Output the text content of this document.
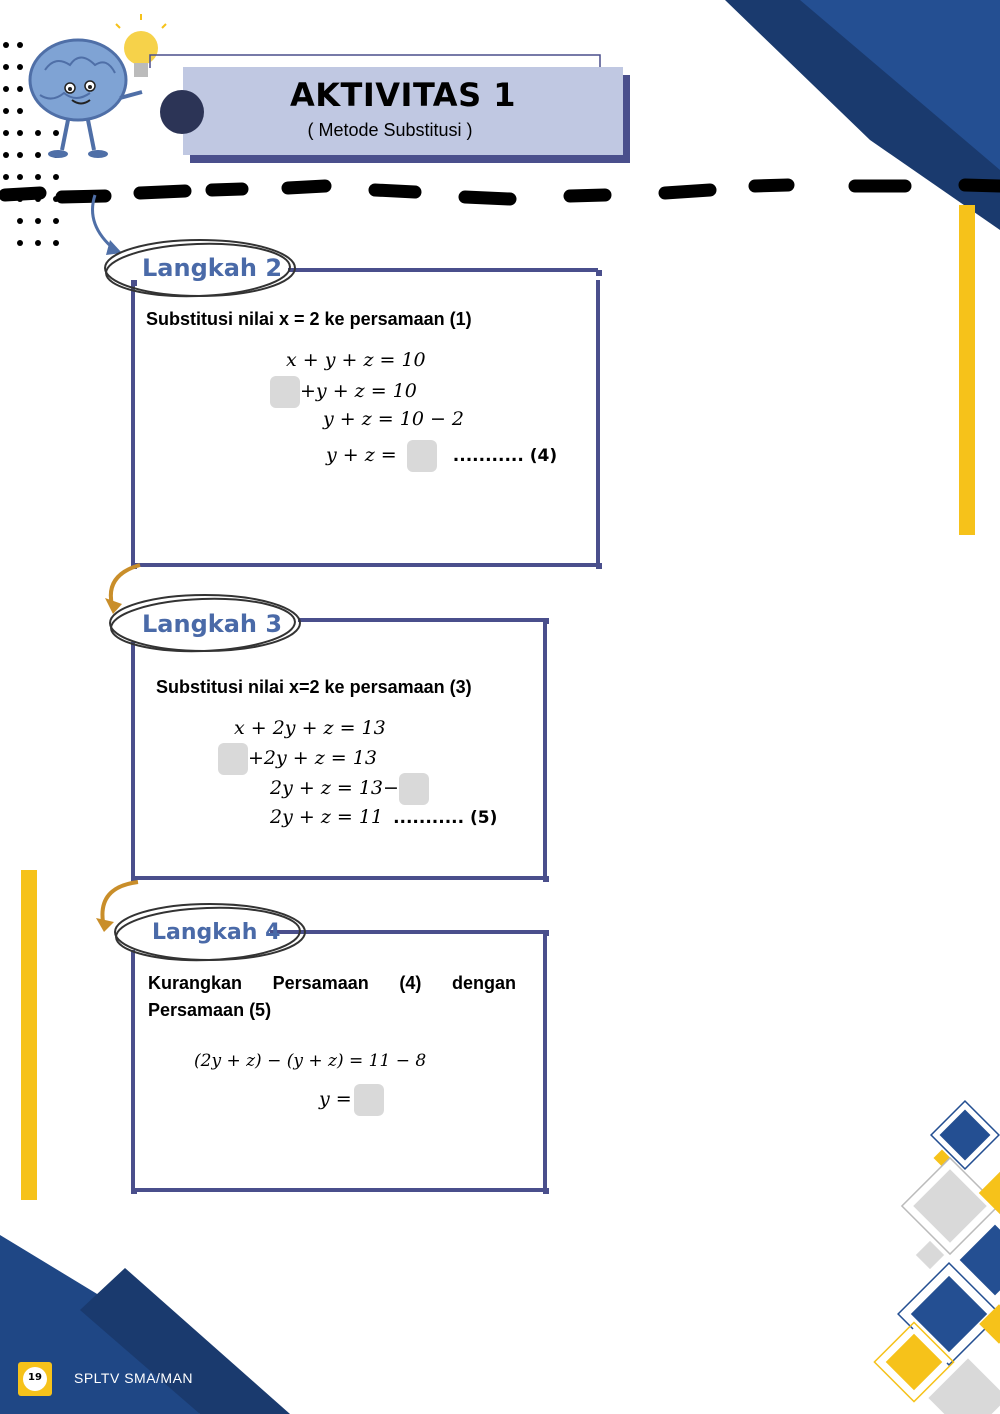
AKTIVITAS 1
( Metode Substitusi )
Langkah 2
Substitusi nilai x = 2 ke persamaan (1)
x + y + z = 10
+y + z = 10
y + z = 10 − 2
y + z =	........... (4)
Langkah 3
Substitusi nilai x=2 ke persamaan (3)
x + 2y + z = 13
+2y + z = 13
2y + z = 13−
2y + z = 11 ........... (5)
Langkah 4
Kurangkan Persamaan (4) dengan
Persamaan (5)
(2y + z) − (y + z) = 11 − 8
y =
19	SPLTV SMA/MAN
